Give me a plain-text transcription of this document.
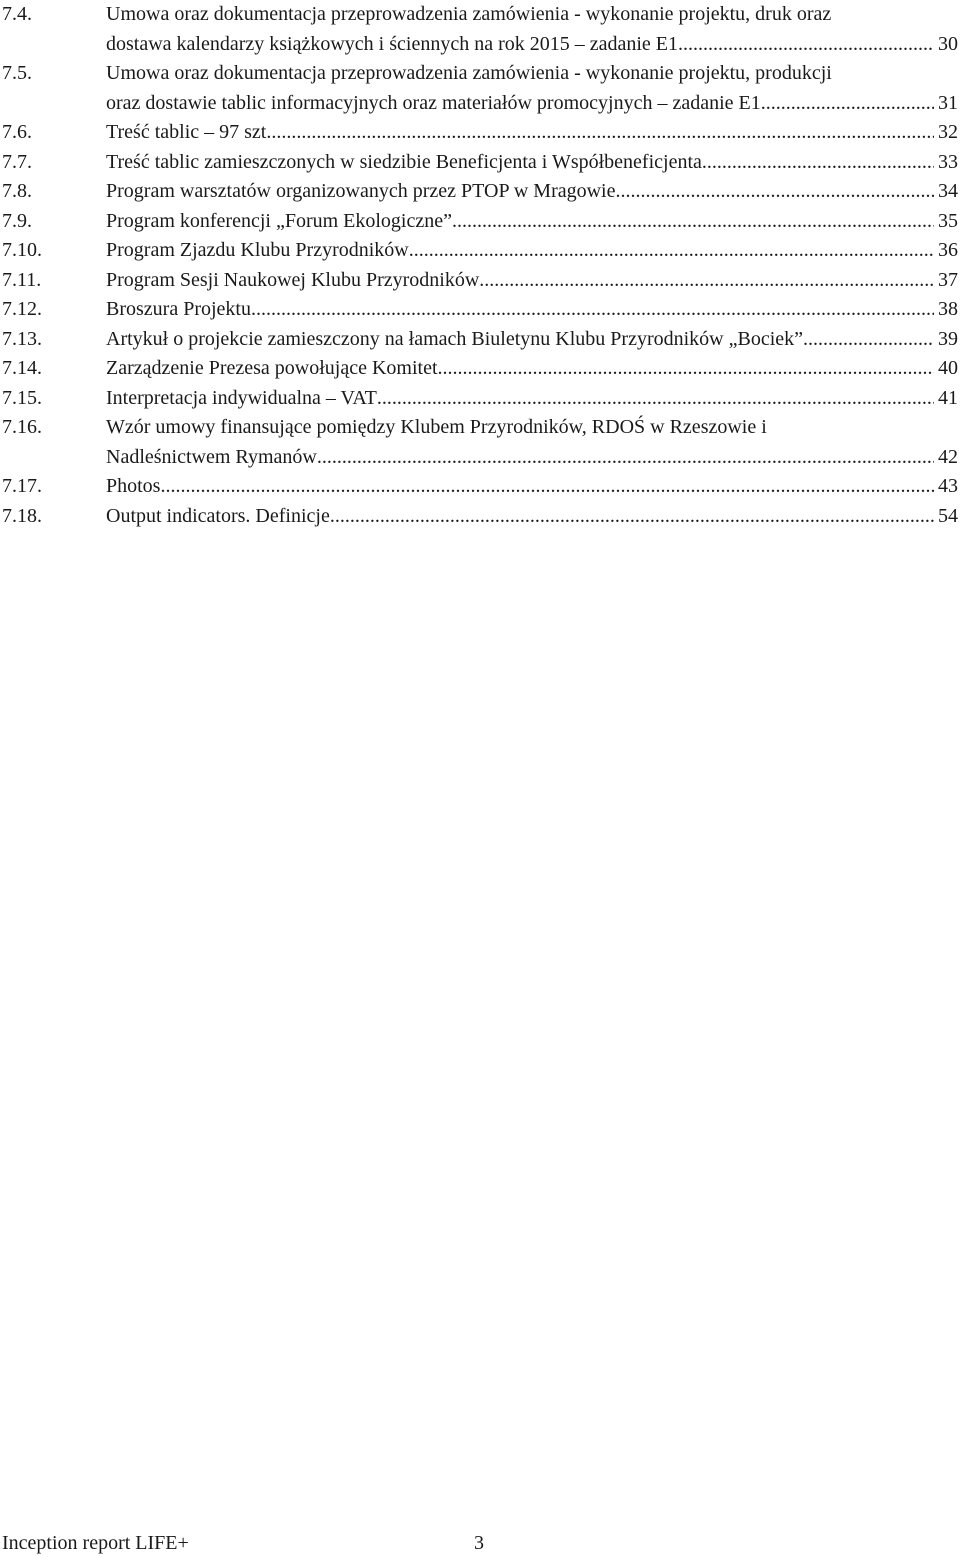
7.4.	Umowa oraz dokumentacja przeprowadzenia zamówienia - wykonanie projektu, druk oraz
dostawa kalendarzy książkowych i ściennych na rok 2015 – zadanie E1 .....	30
7.5.	Umowa oraz dokumentacja przeprowadzenia zamówienia - wykonanie projektu, produkcji
oraz dostawie tablic informacyjnych oraz materiałów promocyjnych – zadanie E1 .....	31
7.6.	Treść tablic – 97 szt. .....	32
7.7.	Treść tablic zamieszczonych w siedzibie Beneficjenta i Współbeneficjenta .....	33
7.8.	Program warsztatów organizowanych przez PTOP w Mragowie .....	34
7.9.	Program konferencji „Forum Ekologiczne” .....	35
7.10.	Program Zjazdu Klubu Przyrodników .....	36
7.11.	Program Sesji Naukowej Klubu Przyrodników .....	37
7.12.	Broszura Projektu .....	38
7.13.	Artykuł o projekcie zamieszczony na łamach Biuletynu Klubu Przyrodników „Bociek”. .....	39
7.14.	Zarządzenie Prezesa powołujące Komitet .....	40
7.15.	Interpretacja indywidualna – VAT .....	41
7.16.	Wzór umowy finansujące pomiędzy Klubem Przyrodników, RDOŚ w Rzeszowie i
Nadleśnictwem Rymanów .....	42
7.17.	Photos .....	43
7.18.	Output indicators. Definicje. .....	54
Inception report LIFE+	3
